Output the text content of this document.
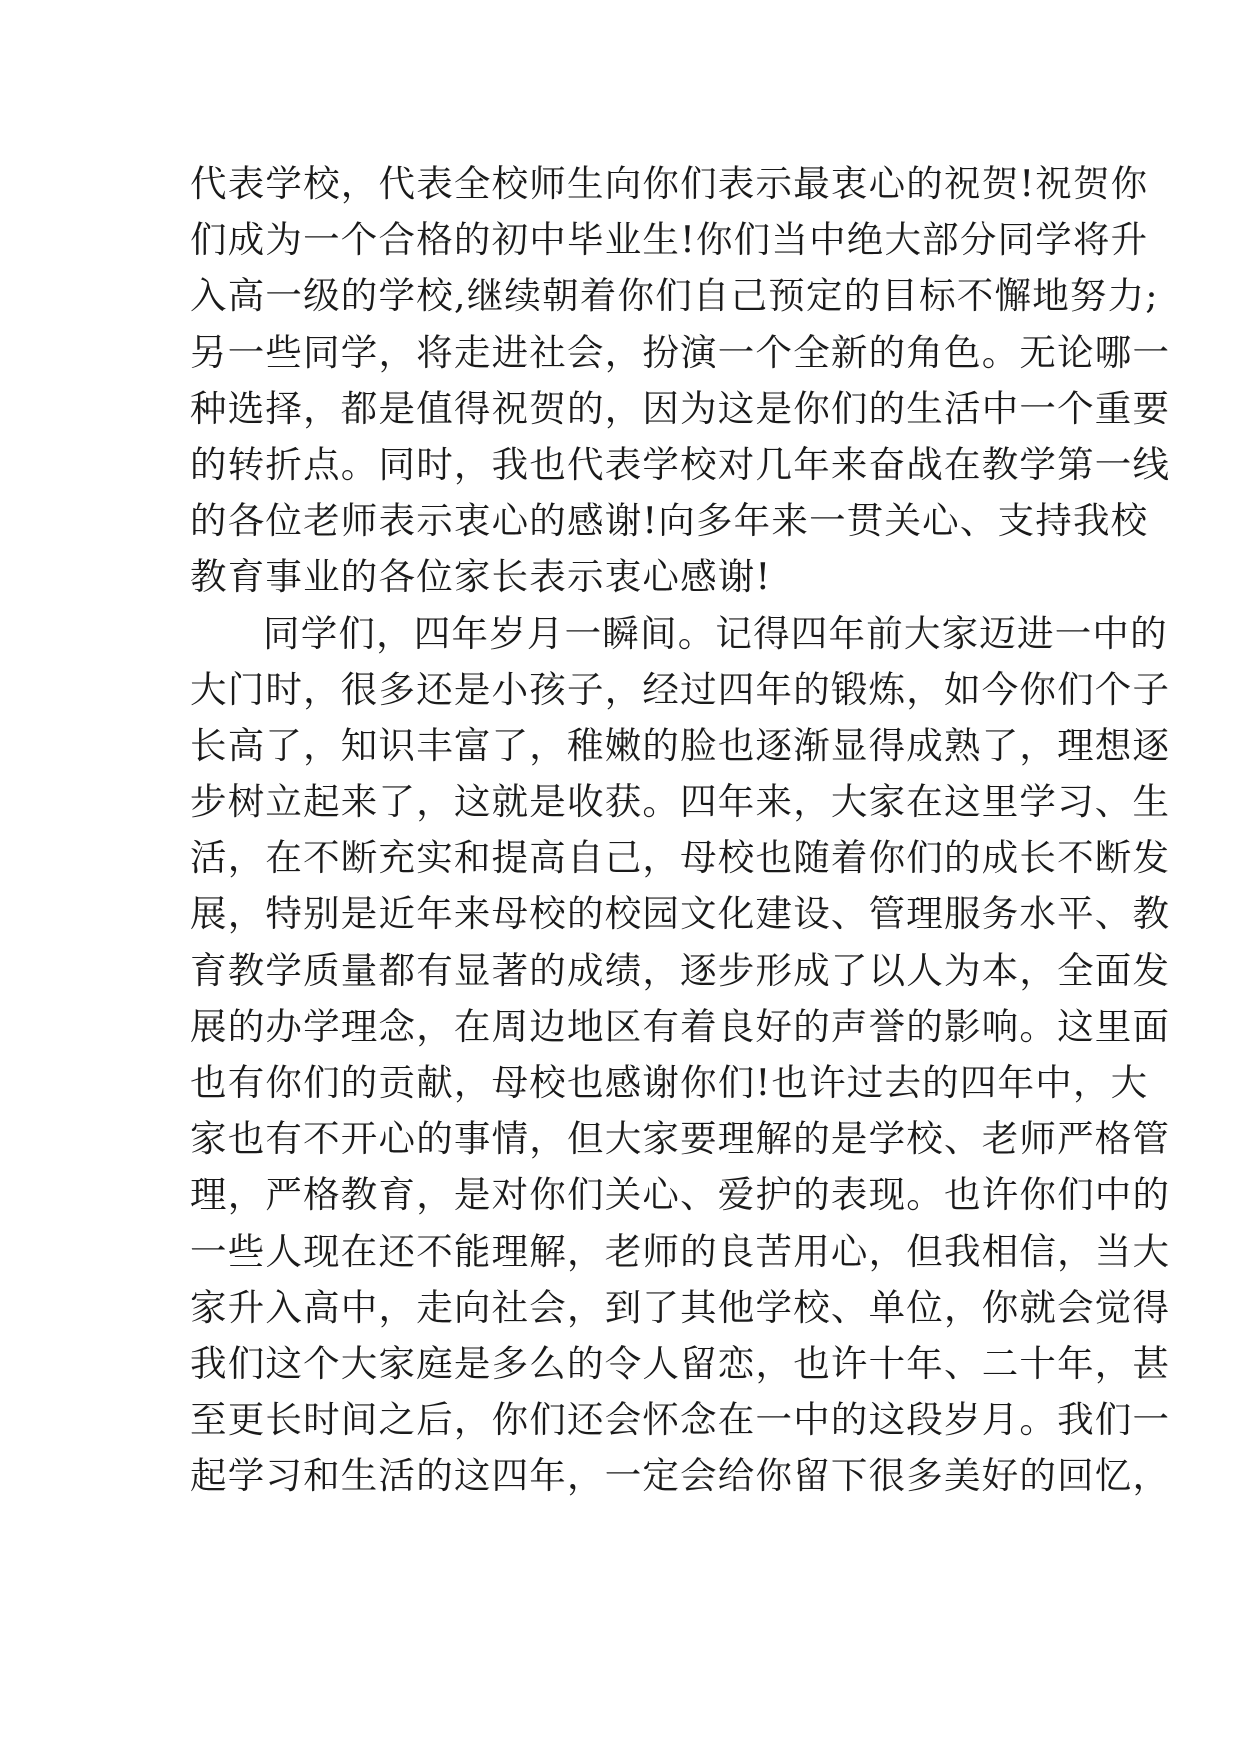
代表学校，代表全校师生向你们表示最衷心的祝贺!祝贺你
们成为一个合格的初中毕业生!你们当中绝大部分同学将升
入高一级的学校,继续朝着你们自己预定的目标不懈地努力;
另一些同学，将走进社会，扮演一个全新的角色。无论哪一
种选择，都是值得祝贺的，因为这是你们的生活中一个重要
的转折点。同时，我也代表学校对几年来奋战在教学第一线
的各位老师表示衷心的感谢!向多年来一贯关心、支持我校
教育事业的各位家长表示衷心感谢!
同学们，四年岁月一瞬间。记得四年前大家迈进一中的
大门时，很多还是小孩子，经过四年的锻炼，如今你们个子
长高了，知识丰富了，稚嫩的脸也逐渐显得成熟了，理想逐
步树立起来了，这就是收获。四年来，大家在这里学习、生
活，在不断充实和提高自己，母校也随着你们的成长不断发
展，特别是近年来母校的校园文化建设、管理服务水平、教
育教学质量都有显著的成绩，逐步形成了以人为本，全面发
展的办学理念，在周边地区有着良好的声誉的影响。这里面
也有你们的贡献，母校也感谢你们!也许过去的四年中，大
家也有不开心的事情，但大家要理解的是学校、老师严格管
理，严格教育，是对你们关心、爱护的表现。也许你们中的
一些人现在还不能理解，老师的良苦用心，但我相信，当大
家升入高中，走向社会，到了其他学校、单位，你就会觉得
我们这个大家庭是多么的令人留恋，也许十年、二十年，甚
至更长时间之后，你们还会怀念在一中的这段岁月。我们一
起学习和生活的这四年，一定会给你留下很多美好的回忆，
